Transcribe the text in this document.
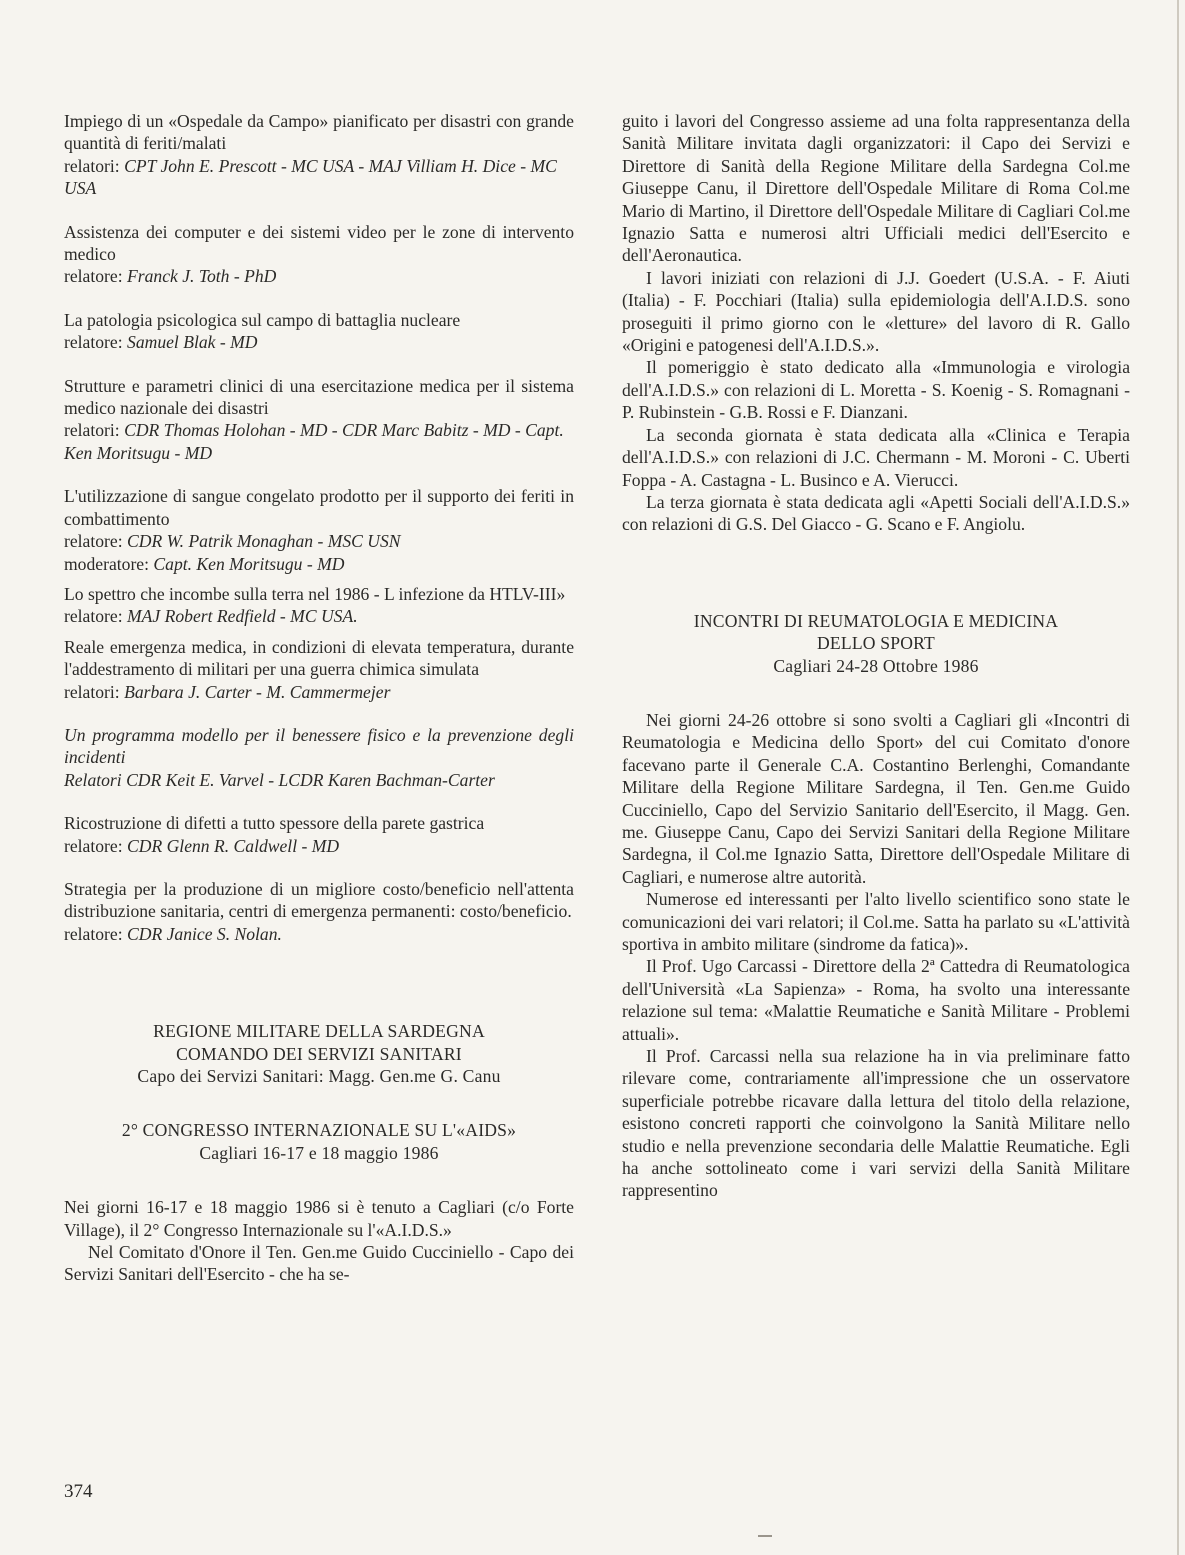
Impiego di un «Ospedale da Campo» pianificato per disastri con grande quantità di feriti/malati
relatori: CPT John E. Prescott - MC USA - MAJ Villiam H. Dice - MC USA
Assistenza dei computer e dei sistemi video per le zone di intervento medico
relatore: Franck J. Toth - PhD
La patologia psicologica sul campo di battaglia nucleare
relatore: Samuel Blak - MD
Strutture e parametri clinici di una esercitazione medica per il sistema medico nazionale dei disastri
relatori: CDR Thomas Holohan - MD - CDR Marc Babitz - MD - Capt. Ken Moritsugu - MD
L'utilizzazione di sangue congelato prodotto per il supporto dei feriti in combattimento
relatore: CDR W. Patrik Monaghan - MSC USN
moderatore: Capt. Ken Moritsugu - MD
Lo spettro che incombe sulla terra nel 1986 - L infezione da HTLV-III»
relatore: MAJ Robert Redfield - MC USA.
Reale emergenza medica, in condizioni di elevata temperatura, durante l'addestramento di militari per una guerra chimica simulata
relatori: Barbara J. Carter - M. Cammermejer
Un programma modello per il benessere fisico e la prevenzione degli incidenti
Relatori CDR Keit E. Varvel - LCDR Karen Bachman-Carter
Ricostruzione di difetti a tutto spessore della parete gastrica
relatore: CDR Glenn R. Caldwell - MD
Strategia per la produzione di un migliore costo/beneficio nell'attenta distribuzione sanitaria, centri di emergenza permanenti: costo/beneficio.
relatore: CDR Janice S. Nolan.

REGIONE MILITARE DELLA SARDEGNA

COMANDO DEI SERVIZI SANITARI

Capo dei Servizi Sanitari: Magg. Gen.me G. Canu

2° CONGRESSO INTERNAZIONALE SU L'«AIDS»

Cagliari 16-17 e 18 maggio 1986

Nei giorni 16-17 e 18 maggio 1986 si è tenuto a Cagliari (c/o Forte Village), il 2° Congresso Internazionale su l'«A.I.D.S.»

Nel Comitato d'Onore il Ten. Gen.me Guido Cucciniello - Capo dei Servizi Sanitari dell'Esercito - che ha se-

guito i lavori del Congresso assieme ad una folta rappresentanza della Sanità Militare invitata dagli organizzatori: il Capo dei Servizi e Direttore di Sanità della Regione Militare della Sardegna Col.me Giuseppe Canu, il Direttore dell'Ospedale Militare di Roma Col.me Mario di Martino, il Direttore dell'Ospedale Militare di Cagliari Col.me Ignazio Satta e numerosi altri Ufficiali medici dell'Esercito e dell'Aeronautica.

I lavori iniziati con relazioni di J.J. Goedert (U.S.A. - F. Aiuti (Italia) - F. Pocchiari (Italia) sulla epidemiologia dell'A.I.D.S. sono proseguiti il primo giorno con le «letture» del lavoro di R. Gallo «Origini e patogenesi dell'A.I.D.S.».

Il pomeriggio è stato dedicato alla «Immunologia e virologia dell'A.I.D.S.» con relazioni di L. Moretta - S. Koenig - S. Romagnani - P. Rubinstein - G.B. Rossi e F. Dianzani.

La seconda giornata è stata dedicata alla «Clinica e Terapia dell'A.I.D.S.» con relazioni di J.C. Chermann - M. Moroni - C. Uberti Foppa - A. Castagna - L. Businco e A. Vierucci.

La terza giornata è stata dedicata agli «Apetti Sociali dell'A.I.D.S.» con relazioni di G.S. Del Giacco - G. Scano e F. Angiolu.

INCONTRI DI REUMATOLOGIA E MEDICINA

DELLO SPORT

Cagliari 24-28 Ottobre 1986

Nei giorni 24-26 ottobre si sono svolti a Cagliari gli «Incontri di Reumatologia e Medicina dello Sport» del cui Comitato d'onore facevano parte il Generale C.A. Costantino Berlenghi, Comandante Militare della Regione Militare Sardegna, il Ten. Gen.me Guido Cucciniello, Capo del Servizio Sanitario dell'Esercito, il Magg. Gen. me. Giuseppe Canu, Capo dei Servizi Sanitari della Regione Militare Sardegna, il Col.me Ignazio Satta, Direttore dell'Ospedale Militare di Cagliari, e numerose altre autorità.

Numerose ed interessanti per l'alto livello scientifico sono state le comunicazioni dei vari relatori; il Col.me. Satta ha parlato su «L'attività sportiva in ambito militare (sindrome da fatica)».

Il Prof. Ugo Carcassi - Direttore della 2ª Cattedra di Reumatologica dell'Università «La Sapienza» - Roma, ha svolto una interessante relazione sul tema: «Malattie Reumatiche e Sanità Militare - Problemi attuali».

Il Prof. Carcassi nella sua relazione ha in via preliminare fatto rilevare come, contrariamente all'impressione che un osservatore superficiale potrebbe ricavare dalla lettura del titolo della relazione, esistono concreti rapporti che coinvolgono la Sanità Militare nello studio e nella prevenzione secondaria delle Malattie Reumatiche. Egli ha anche sottolineato come i vari servizi della Sanità Militare rappresentino

374
